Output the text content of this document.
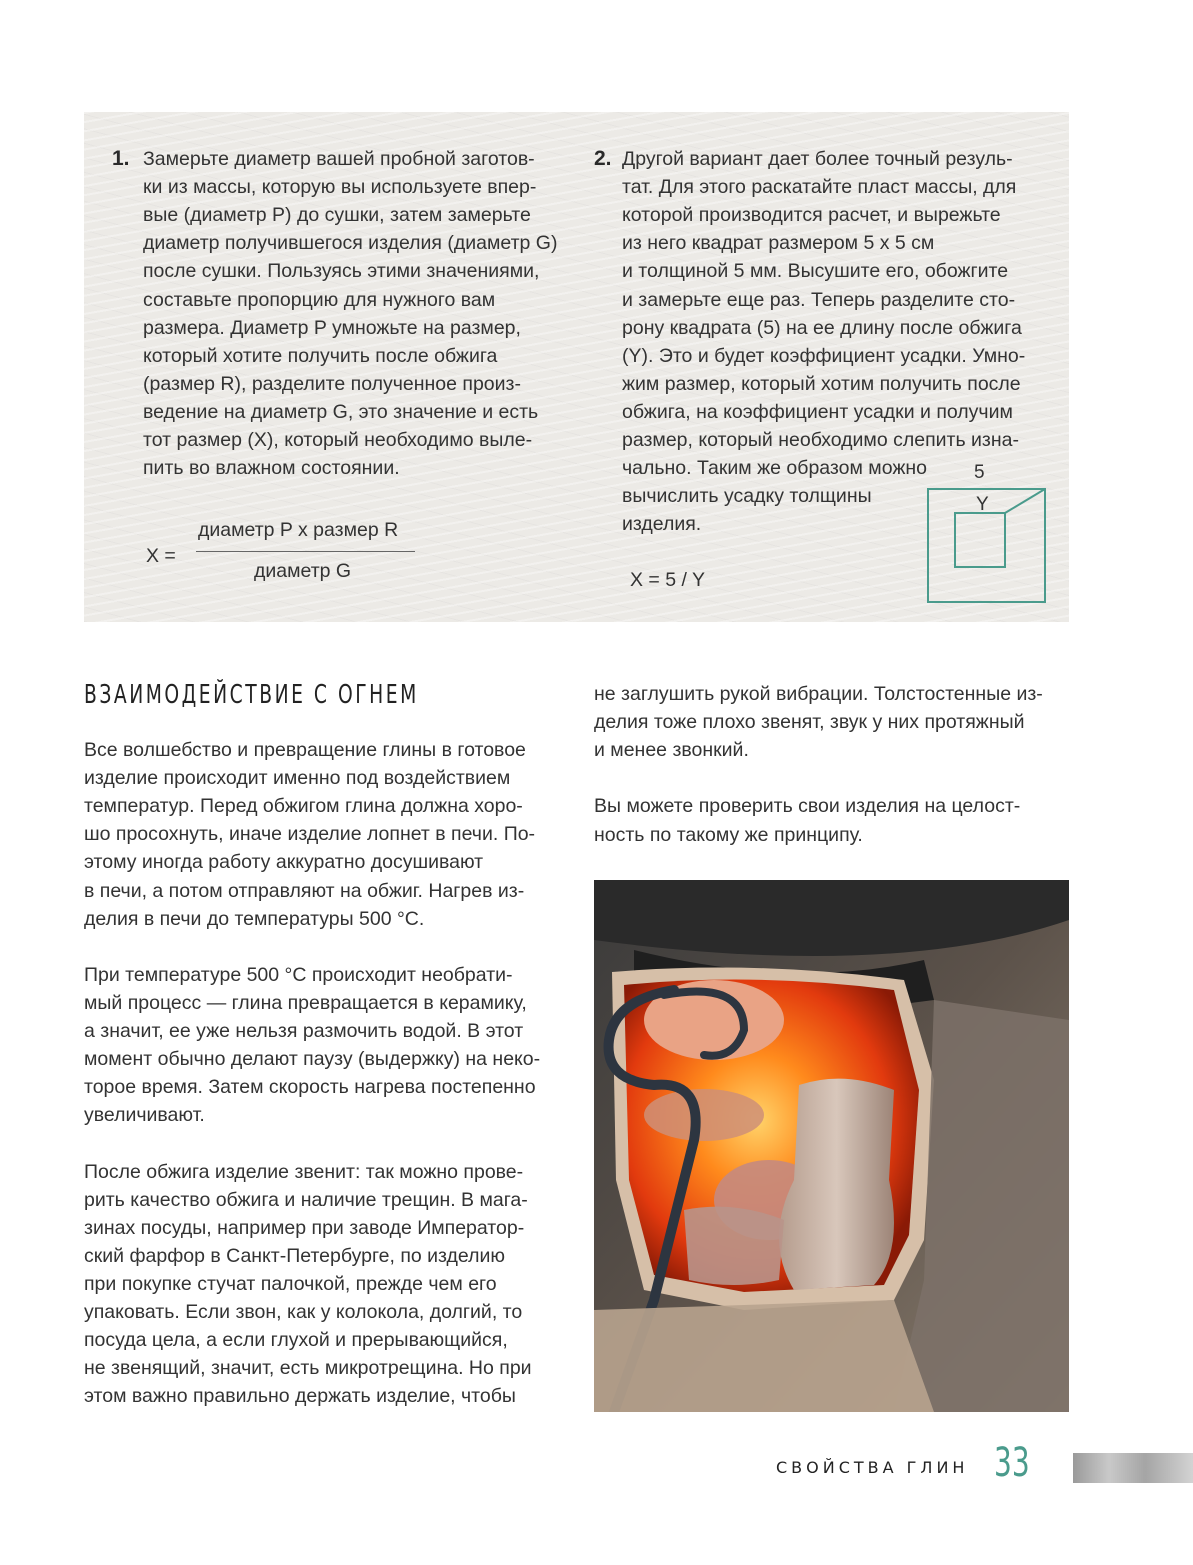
1. Замерьте диаметр вашей пробной заготов-
ки из массы, которую вы используете впер-
вые (диаметр P) до сушки, затем замерьте
диаметр получившегося изделия (диаметр G)
после сушки. Пользуясь этими значениями,
составьте пропорцию для нужного вам
размера. Диаметр P умножьте на размер,
который хотите получить после обжига
(размер R), разделите полученное произ-
ведение на диаметр G, это значение и есть
тот размер (X), который необходимо выле-
пить во влажном состоянии.
X =
диаметр P х размер R
диаметр G
2. Другой вариант дает более точный резуль-
тат. Для этого раскатайте пласт массы, для
которой производится расчет, и вырежьте
из него квадрат размером 5 х 5 см
и толщиной 5 мм. Высушите его, обожгите
и замерьте еще раз. Теперь разделите сто-
рону квадрата (5) на ее длину после обжига
(Y). Это и будет коэффициент усадки. Умно-
жим размер, который хотим получить после
обжига, на коэффициент усадки и получим
размер, который необходимо слепить изна-
чально. Таким же образом можно
вычислить усадку толщины
изделия.
X = 5 / Y
5
Y
ВЗАИМОДЕЙСТВИЕ С ОГНЕМ
Все волшебство и превращение глины в готовое
изделие происходит именно под воздействием
температур. Перед обжигом глина должна хоро-
шо просохнуть, иначе изделие лопнет в печи. По-
этому иногда работу аккуратно досушивают
в печи, а потом отправляют на обжиг. Нагрев из-
делия в печи до температуры 500 °С.
При температуре 500 °С происходит необрати-
мый процесс — глина превращается в керамику,
а значит, ее уже нельзя размочить водой. В этот
момент обычно делают паузу (выдержку) на неко-
торое время. Затем скорость нагрева постепенно
увеличивают.
После обжига изделие звенит: так можно прове-
рить качество обжига и наличие трещин. В мага-
зинах посуды, например при заводе Император-
ский фарфор в Санкт-Петербурге, по изделию
при покупке стучат палочкой, прежде чем его
упаковать. Если звон, как у колокола, долгий, то
посуда цела, а если глухой и прерывающийся,
не звенящий, значит, есть микротрещина. Но при
этом важно правильно держать изделие, чтобы
не заглушить рукой вибрации. Толстостенные из-
делия тоже плохо звенят, звук у них протяжный
и менее звонкий.
Вы можете проверить свои изделия на целост-
ность по такому же принципу.
СВОЙСТВА ГЛИН 33
